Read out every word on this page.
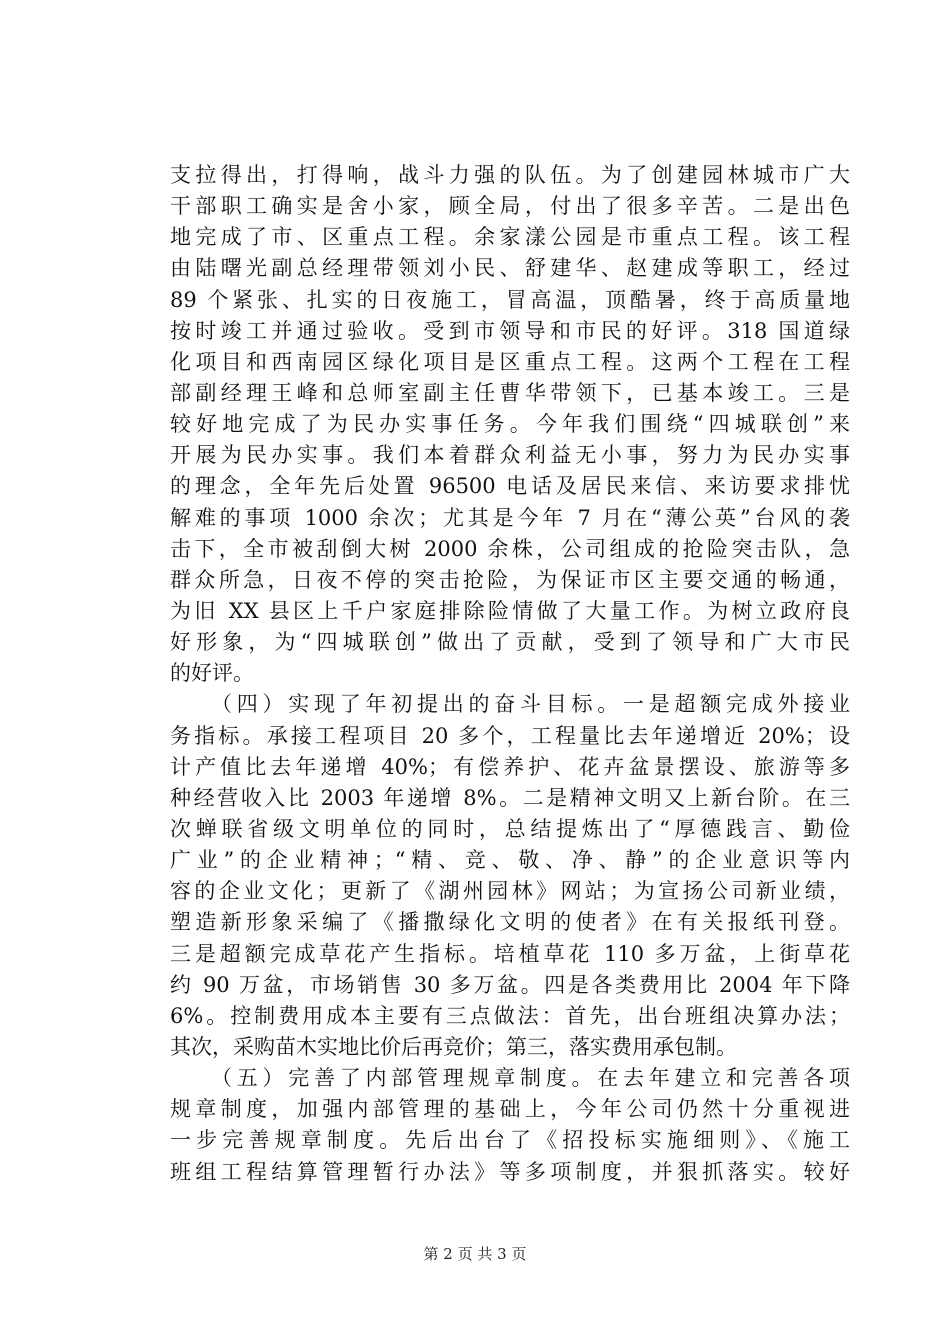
支拉得出，打得响，战斗力强的队伍。为了创建园林城市广大
干部职工确实是舍小家，顾全局，付出了很多辛苦。二是出色
地完成了市、区重点工程。余家漾公园是市重点工程。该工程
由陆曙光副总经理带领刘小民、舒建华、赵建成等职工，经过
89 个紧张、扎实的日夜施工，冒高温，顶酷暑，终于高质量地
按时竣工并通过验收。受到市领导和市民的好评。318 国道绿
化项目和西南园区绿化项目是区重点工程。这两个工程在工程
部副经理王峰和总师室副主任曹华带领下，已基本竣工。三是
较好地完成了为民办实事任务。今年我们围绕“四城联创”来
开展为民办实事。我们本着群众利益无小事，努力为民办实事
的理念，全年先后处置 96500 电话及居民来信、来访要求排忧
解难的事项 1000 余次；尤其是今年 7 月在“薄公英”台风的袭
击下，全市被刮倒大树 2000 余株，公司组成的抢险突击队，急
群众所急，日夜不停的突击抢险，为保证市区主要交通的畅通，
为旧 XX 县区上千户家庭排除险情做了大量工作。为树立政府良
好形象，为“四城联创”做出了贡献，受到了领导和广大市民
的好评。
　　（四）实现了年初提出的奋斗目标。一是超额完成外接业
务指标。承接工程项目 20 多个，工程量比去年递增近 20%；设
计产值比去年递增 40%；有偿养护、花卉盆景摆设、旅游等多
种经营收入比 2003 年递增 8%。二是精神文明又上新台阶。在三
次蝉联省级文明单位的同时，总结提炼出了“厚德践言、勤俭
广业”的企业精神；“精、竞、敬、净、静”的企业意识等内
容的企业文化；更新了《湖州园林》网站；为宣扬公司新业绩，
塑造新形象采编了《播撒绿化文明的使者》在有关报纸刊登。
三是超额完成草花产生指标。培植草花 110 多万盆，上街草花
约 90 万盆，市场销售 30 多万盆。四是各类费用比 2004 年下降
6%。控制费用成本主要有三点做法：首先，出台班组决算办法；
其次，采购苗木实地比价后再竞价；第三，落实费用承包制。
　　（五）完善了内部管理规章制度。在去年建立和完善各项
规章制度，加强内部管理的基础上，今年公司仍然十分重视进
一步完善规章制度。先后出台了《招投标实施细则》、《施工
班组工程结算管理暂行办法》等多项制度，并狠抓落实。较好
第 2 页 共 3 页
